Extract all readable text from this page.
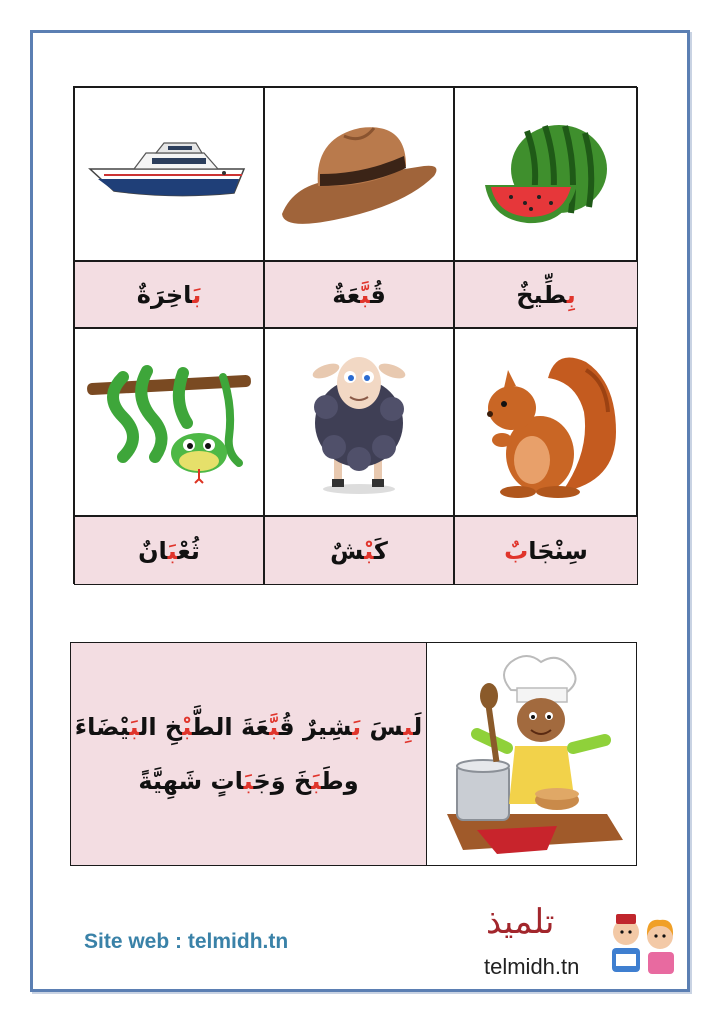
بَاخِرَةٌ	قُبَّعَةٌ	بِطِّيخٌ
ثُعْبَانٌ	كَبْشٌ	سِنْجَابٌ
لَبِسَ بَشِيرٌ قُبَّعَةَ الطَّبْخِ البَيْضَاءَ
وطَبَخَ وَجَبَاتٍ شَهِيَّةً
Site web : telmidh.tn	تلميذ
telmidh.tn
